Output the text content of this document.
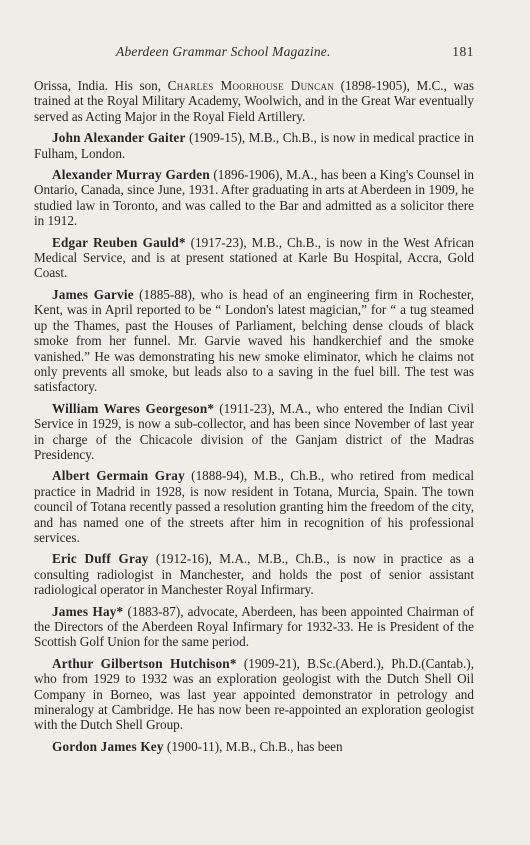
Aberdeen Grammar School Magazine.	181

Orissa, India. His son, Charles Moorhouse Duncan (1898-1905), M.C., was trained at the Royal Military Academy, Woolwich, and in the Great War eventually served as Acting Major in the Royal Field Artillery.

John Alexander Gaiter (1909-15), M.B., Ch.B., is now in medical practice in Fulham, London.

Alexander Murray Garden (1896-1906), M.A., has been a King's Counsel in Ontario, Canada, since June, 1931. After graduating in arts at Aberdeen in 1909, he studied law in Toronto, and was called to the Bar and admitted as a solicitor there in 1912.

Edgar Reuben Gauld* (1917-23), M.B., Ch.B., is now in the West African Medical Service, and is at present stationed at Karle Bu Hospital, Accra, Gold Coast.

James Garvie (1885-88), who is head of an engineering firm in Rochester, Kent, was in April reported to be “ London's latest magician,” for “ a tug steamed up the Thames, past the Houses of Parliament, belching dense clouds of black smoke from her funnel. Mr. Garvie waved his handkerchief and the smoke vanished.” He was demonstrating his new smoke eliminator, which he claims not only prevents all smoke, but leads also to a saving in the fuel bill. The test was satisfactory.

William Wares Georgeson* (1911-23), M.A., who entered the Indian Civil Service in 1929, is now a sub-collector, and has been since November of last year in charge of the Chicacole division of the Ganjam district of the Madras Presidency.

Albert Germain Gray (1888-94), M.B., Ch.B., who retired from medical practice in Madrid in 1928, is now resident in Totana, Murcia, Spain. The town council of Totana recently passed a resolution granting him the freedom of the city, and has named one of the streets after him in recognition of his professional services.

Eric Duff Gray (1912-16), M.A., M.B., Ch.B., is now in practice as a consulting radiologist in Manchester, and holds the post of senior assistant radiological operator in Manchester Royal Infirmary.

James Hay* (1883-87), advocate, Aberdeen, has been appointed Chairman of the Directors of the Aberdeen Royal Infirmary for 1932-33. He is President of the Scottish Golf Union for the same period.

Arthur Gilbertson Hutchison* (1909-21), B.Sc.(Aberd.), Ph.D.(Cantab.), who from 1929 to 1932 was an exploration geologist with the Dutch Shell Oil Company in Borneo, was last year appointed demonstrator in petrology and mineralogy at Cambridge. He has now been re-appointed an exploration geologist with the Dutch Shell Group.

Gordon James Key (1900-11), M.B., Ch.B., has been
